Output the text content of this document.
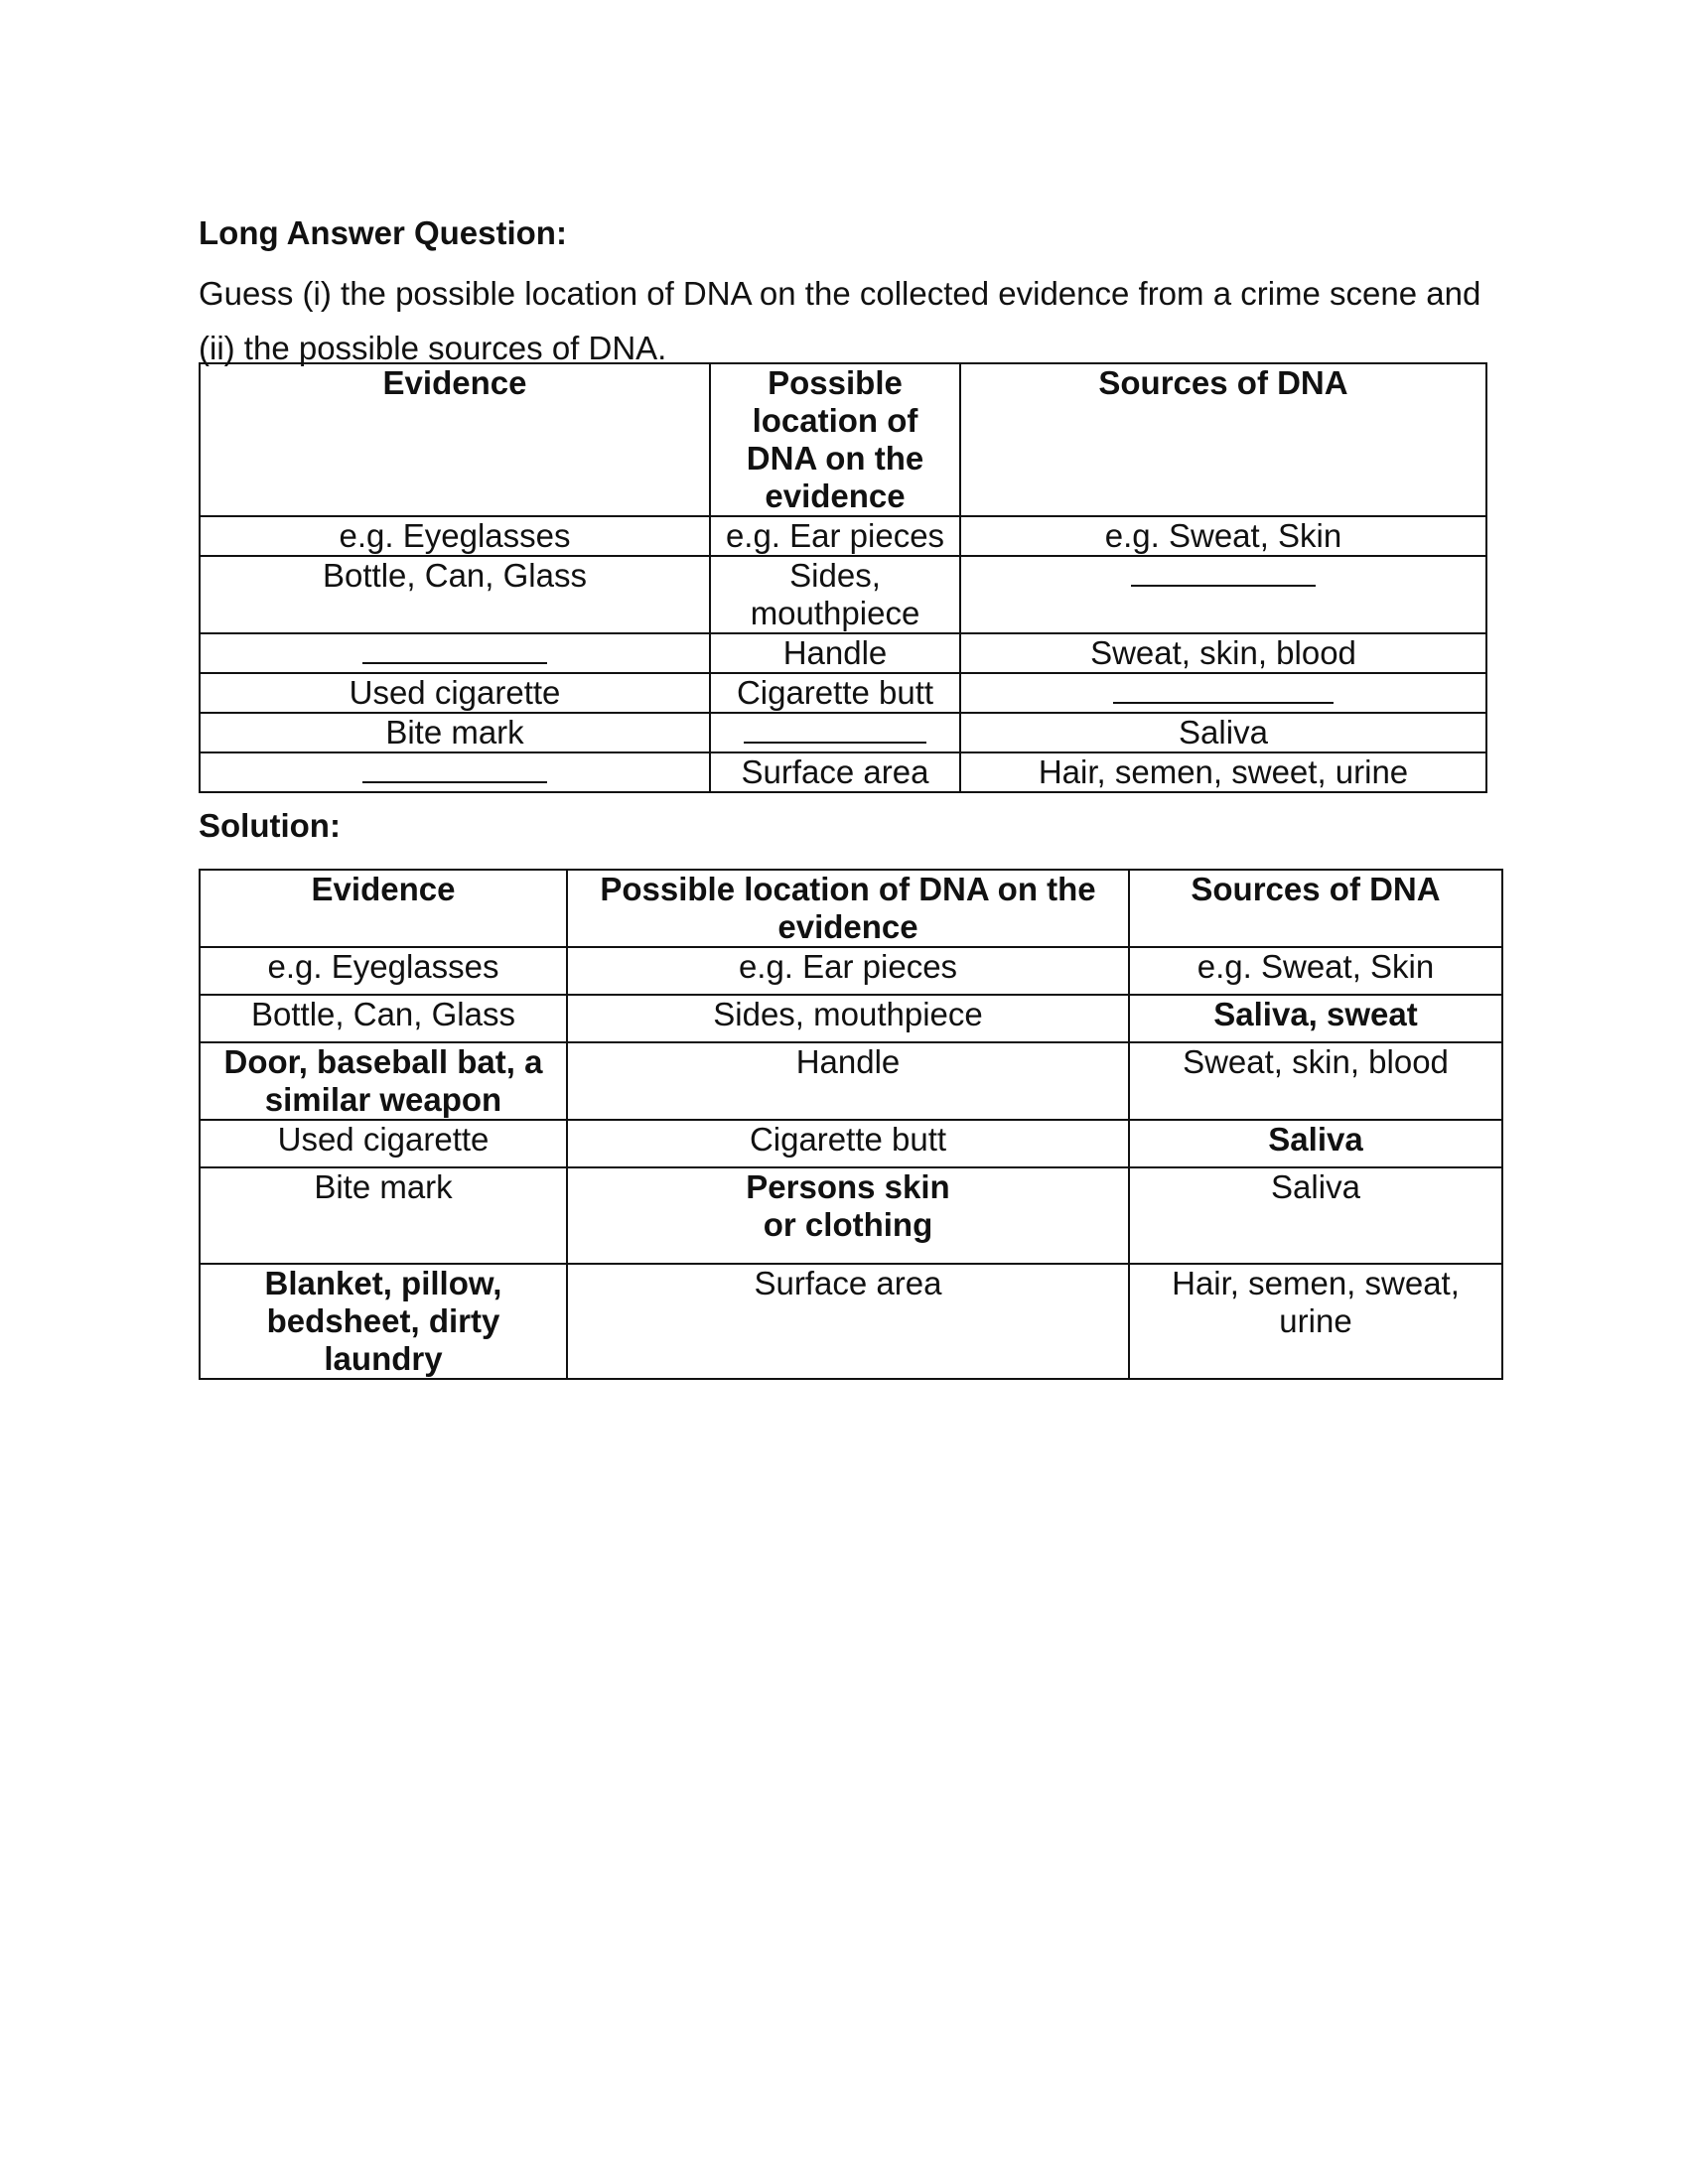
Long Answer Question:

Guess (i) the possible location of DNA on the collected evidence from a crime scene and (ii) the possible sources of DNA.

Evidence	Possible location of DNA on the evidence	Sources of DNA
e.g. Eyeglasses	e.g. Ear pieces	e.g. Sweat, Skin
Bottle, Can, Glass	Sides, mouthpiece	
	Handle	Sweat, skin, blood
Used cigarette	Cigarette butt	
Bite mark		Saliva
	Surface area	Hair, semen, sweet, urine
Solution:
Evidence	Possible location of DNA on the evidence	Sources of DNA
e.g. Eyeglasses	e.g. Ear pieces	e.g. Sweat, Skin
Bottle, Can, Glass	Sides, mouthpiece	Saliva, sweat
Door, baseball bat, a similar weapon	Handle	Sweat, skin, blood
Used cigarette	Cigarette butt	Saliva
Bite mark	Persons skin or clothing	Saliva
Blanket, pillow, bedsheet, dirty laundry	Surface area	Hair, semen, sweat, urine
